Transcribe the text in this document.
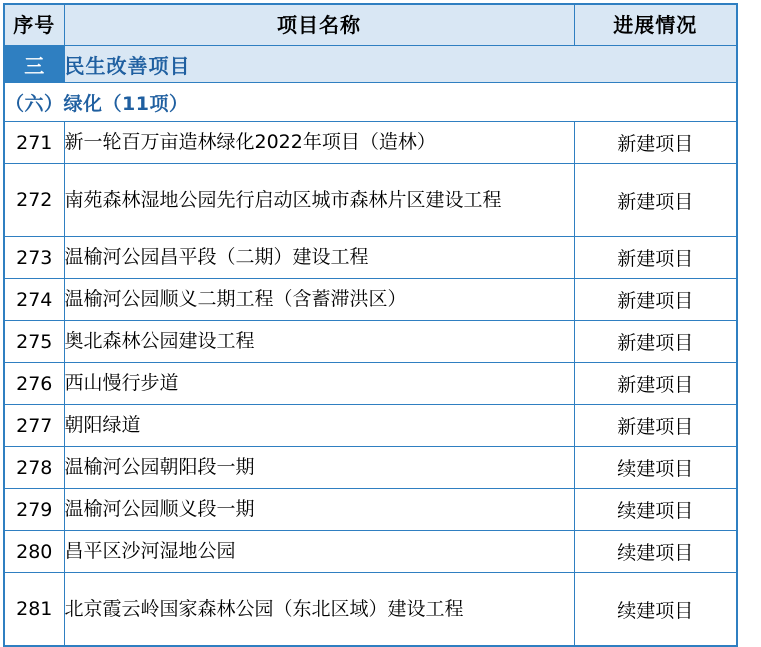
序号	项目名称	进展情况
三	民生改善项目	
（六）绿化（11项）		
271	新一轮百万亩造林绿化2022年项目（造林）	新建项目
272	南苑森林湿地公园先行启动区城市森林片区建设工程	新建项目
273	温榆河公园昌平段（二期）建设工程	新建项目
274	温榆河公园顺义二期工程（含蓄滞洪区）	新建项目
275	奥北森林公园建设工程	新建项目
276	西山慢行步道	新建项目
277	朝阳绿道	新建项目
278	温榆河公园朝阳段一期	续建项目
279	温榆河公园顺义段一期	续建项目
280	昌平区沙河湿地公园	续建项目
281	北京霞云岭国家森林公园（东北区域）建设工程	续建项目
